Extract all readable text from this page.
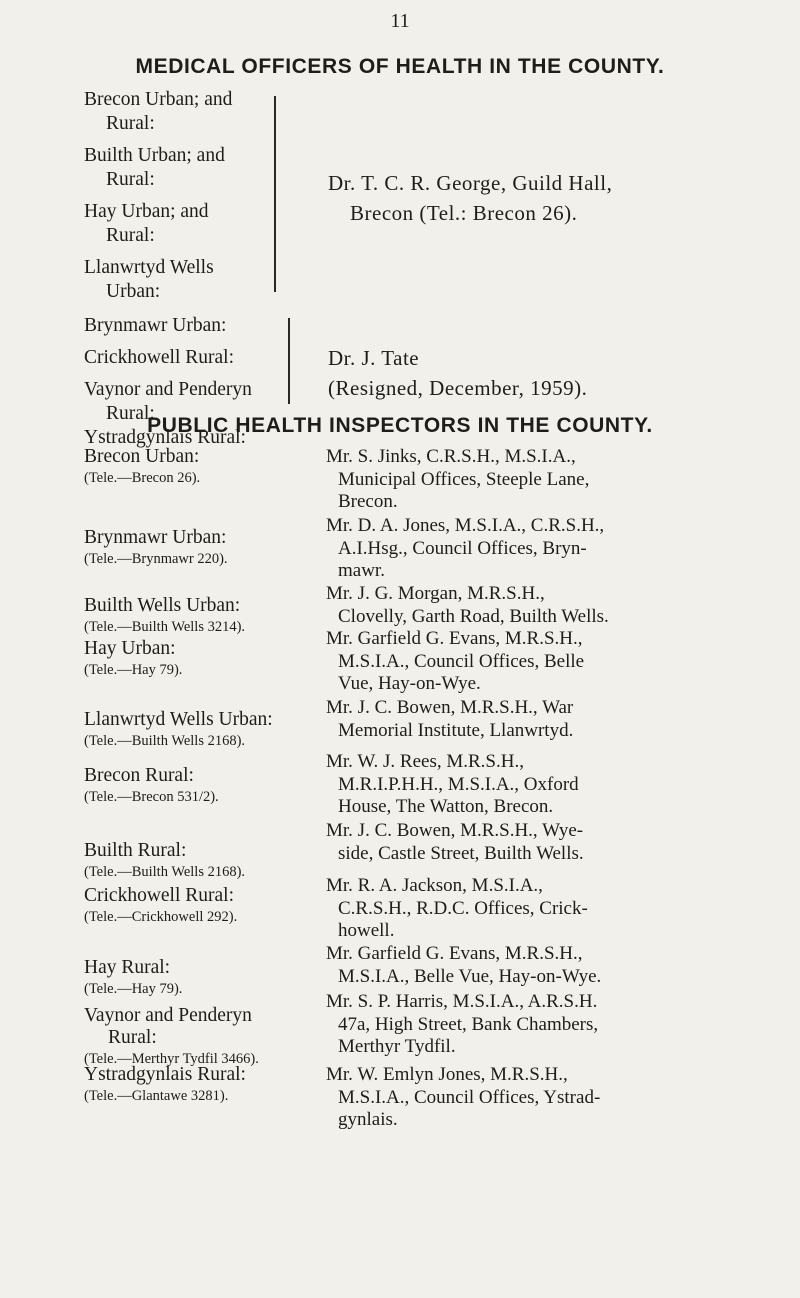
11
MEDICAL OFFICERS OF HEALTH IN THE COUNTY.
Brecon Urban; and
Rural:
Builth Urban; and
Rural:
Hay Urban; and
Rural:
Llanwrtyd Wells
Urban:
Dr. T. C. R. George, Guild Hall,
Brecon (Tel.: Brecon 26).
Brynmawr Urban:
Crickhowell Rural:
Vaynor and Penderyn
Rural:
Ystradgynlais Rural:
Dr. J. Tate
(Resigned, December, 1959).
PUBLIC HEALTH INSPECTORS IN THE COUNTY.
Brecon Urban:
(Tele.—Brecon 26).
Mr. S. Jinks, C.R.S.H., M.S.I.A.,
Municipal Offices, Steeple Lane,
Brecon.
Brynmawr Urban:
(Tele.—Brynmawr 220).
Mr. D. A. Jones, M.S.I.A., C.R.S.H.,
A.I.Hsg., Council Offices, Bryn-
mawr.
Builth Wells Urban:
(Tele.—Builth Wells 3214).
Mr. J. G. Morgan, M.R.S.H.,
Clovelly, Garth Road, Builth Wells.
Hay Urban:
(Tele.—Hay 79).
Mr. Garfield G. Evans, M.R.S.H.,
M.S.I.A., Council Offices, Belle
Vue, Hay-on-Wye.
Llanwrtyd Wells Urban:
(Tele.—Builth Wells 2168).
Mr. J. C. Bowen, M.R.S.H., War
Memorial Institute, Llanwrtyd.
Brecon Rural:
(Tele.—Brecon 531/2).
Mr. W. J. Rees, M.R.S.H.,
M.R.I.P.H.H., M.S.I.A., Oxford
House, The Watton, Brecon.
Builth Rural:
(Tele.—Builth Wells 2168).
Mr. J. C. Bowen, M.R.S.H., Wye-
side, Castle Street, Builth Wells.
Crickhowell Rural:
(Tele.—Crickhowell 292).
Mr. R. A. Jackson, M.S.I.A.,
C.R.S.H., R.D.C. Offices, Crick-
howell.
Hay Rural:
(Tele.—Hay 79).
Mr. Garfield G. Evans, M.R.S.H.,
M.S.I.A., Belle Vue, Hay-on-Wye.
Vaynor and Penderyn
Rural:
(Tele.—Merthyr Tydfil 3466).
Mr. S. P. Harris, M.S.I.A., A.R.S.H.
47a, High Street, Bank Chambers,
Merthyr Tydfil.
Ystradgynlais Rural:
(Tele.—Glantawe 3281).
Mr. W. Emlyn Jones, M.R.S.H.,
M.S.I.A., Council Offices, Ystrad-
gynlais.
